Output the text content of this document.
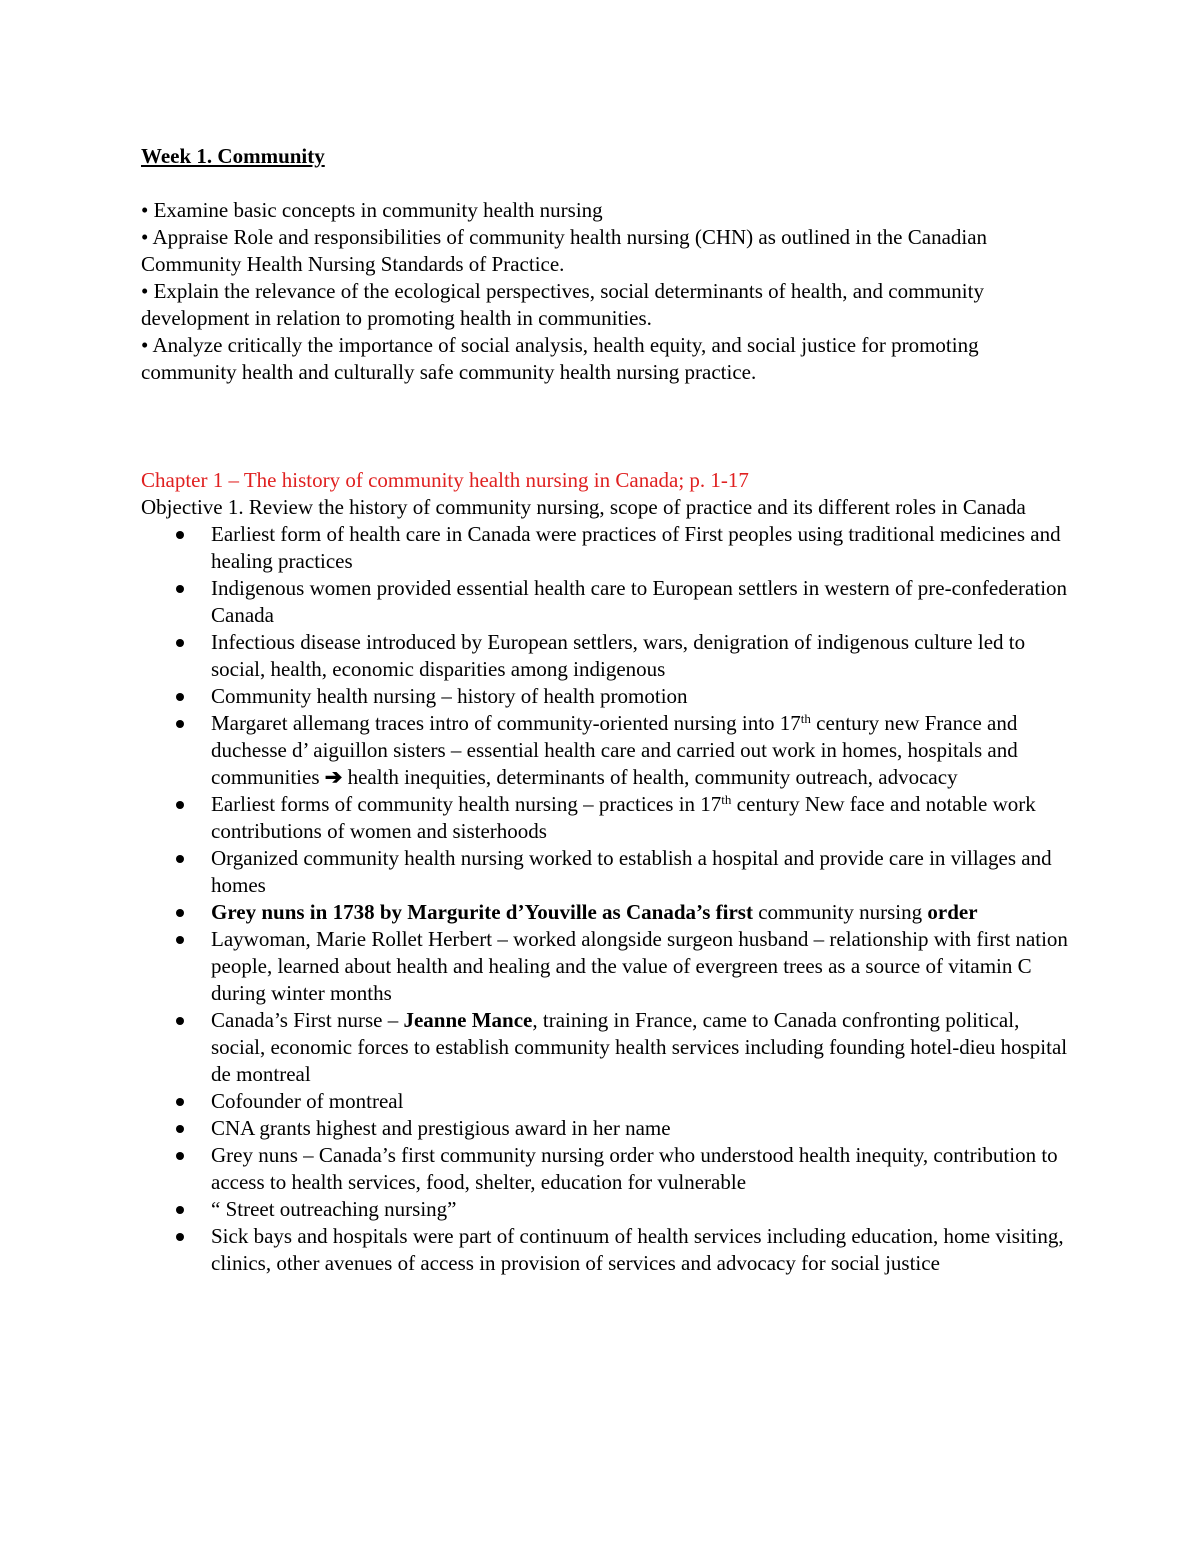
Week 1. Community
• Examine basic concepts in community health nursing
• Appraise Role and responsibilities of community health nursing (CHN) as outlined in the Canadian Community Health Nursing Standards of Practice.
• Explain the relevance of the ecological perspectives, social determinants of health, and community development in relation to promoting health in communities.
• Analyze critically the importance of social analysis, health equity, and social justice for promoting community health and culturally safe community health nursing practice.

Chapter 1 – The history of community health nursing in Canada; p. 1-17

Objective 1. Review the history of community nursing, scope of practice and its different roles in Canada

Earliest form of health care in Canada were practices of First peoples using traditional medicines and healing practices
Indigenous women provided essential health care to European settlers in western of pre-confederation Canada
Infectious disease introduced by European settlers, wars, denigration of indigenous culture led to social, health, economic disparities among indigenous
Community health nursing – history of health promotion
Margaret allemang traces intro of community-oriented nursing into 17th century new France and duchesse d’ aiguillon sisters – essential health care and carried out work in homes, hospitals and communities ➔ health inequities, determinants of health, community outreach, advocacy
Earliest forms of community health nursing – practices in 17th century New face and notable work contributions of women and sisterhoods
Organized community health nursing worked to establish a hospital and provide care in villages and homes
Grey nuns in 1738 by Margurite d’Youville as Canada’s first community nursing order
Laywoman, Marie Rollet Herbert – worked alongside surgeon husband – relationship with first nation people, learned about health and healing and the value of evergreen trees as a source of vitamin C during winter months
Canada’s First nurse – Jeanne Mance, training in France, came to Canada confronting political, social, economic forces to establish community health services including founding hotel-dieu hospital de montreal
Cofounder of montreal
CNA grants highest and prestigious award in her name
Grey nuns – Canada’s first community nursing order who understood health inequity, contribution to access to health services, food, shelter, education for vulnerable
“ Street outreaching nursing”
Sick bays and hospitals were part of continuum of health services including education, home visiting, clinics, other avenues of access in provision of services and advocacy for social justice
